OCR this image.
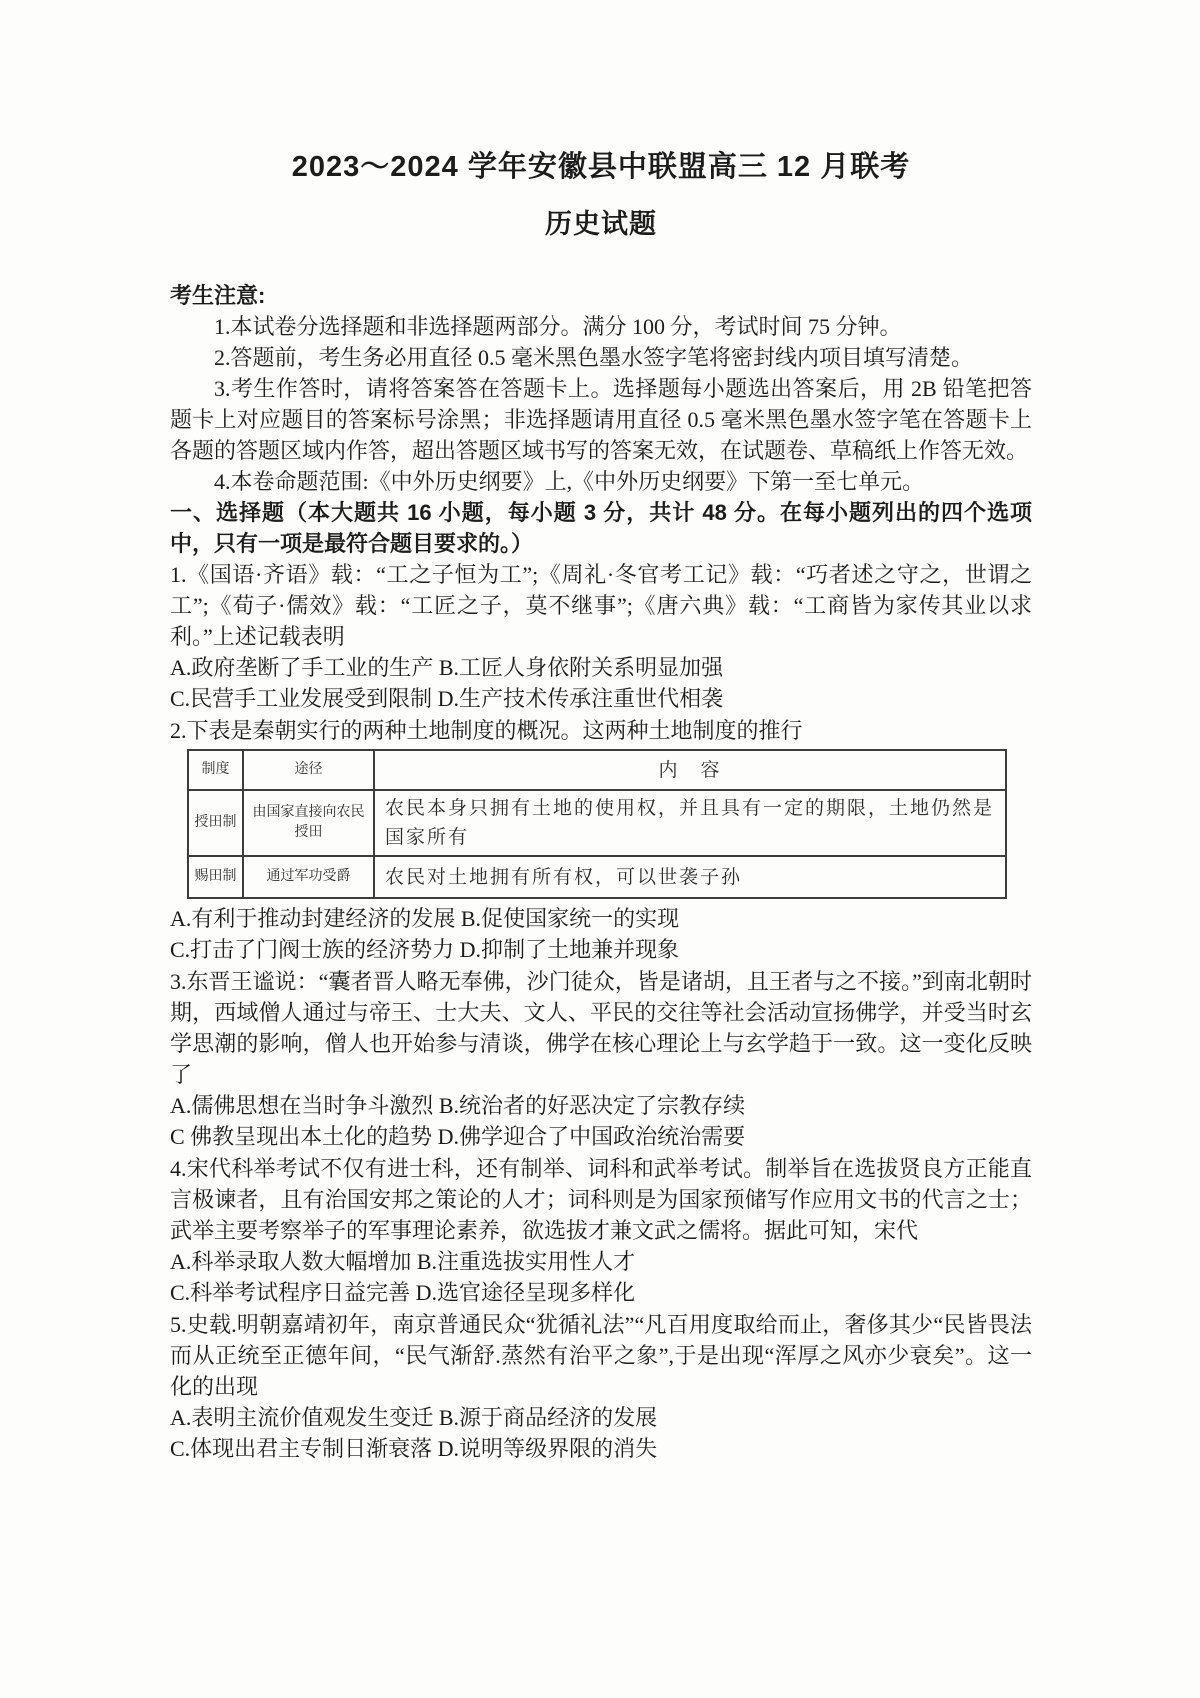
2023～2024 学年安徽县中联盟高三 12 月联考
历史试题
考生注意:

1.本试卷分选择题和非选择题两部分。满分 100 分，考试时间 75 分钟。

2.答题前，考生务必用直径 0.5 毫米黑色墨水签字笔将密封线内项目填写清楚。

3.考生作答时，请将答案答在答题卡上。选择题每小题选出答案后，用 2B 铅笔把答题卡上对应题目的答案标号涂黑；非选择题请用直径 0.5 毫米黑色墨水签字笔在答题卡上各题的答题区域内作答，超出答题区域书写的答案无效，在试题卷、草稿纸上作答无效。

4.本卷命题范围:《中外历史纲要》上,《中外历史纲要》下第一至七单元。

一、选择题（本大题共 16 小题，每小题 3 分，共计 48 分。在每小题列出的四个选项中，只有一项是最符合题目要求的。）
1.《国语·齐语》载：“工之子恒为工”;《周礼·冬官考工记》载：“巧者述之守之，世谓之工”;《荀子·儒效》载：“工匠之子，莫不继事”;《唐六典》载：“工商皆为家传其业以求利。”上述记载表明
A.政府垄断了手工业的生产 B.工匠人身依附关系明显加强
C.民营手工业发展受到限制 D.生产技术传承注重世代相袭
2.下表是秦朝实行的两种土地制度的概况。这两种土地制度的推行
制度	途径	内　容
授田制	由国家直接向农民授田	农民本身只拥有土地的使用权，并且具有一定的期限，土地仍然是国家所有
赐田制	通过军功受爵	农民对土地拥有所有权，可以世袭子孙
A.有利于推动封建经济的发展 B.促使国家统一的实现
C.打击了门阀士族的经济势力 D.抑制了土地兼并现象
3.东晋王谧说：“囊者晋人略无奉佛，沙门徒众，皆是诸胡，且王者与之不接。”到南北朝时期，西域僧人通过与帝王、士大夫、文人、平民的交往等社会活动宣扬佛学，并受当时玄学思潮的影响，僧人也开始参与清谈，佛学在核心理论上与玄学趋于一致。这一变化反映了
A.儒佛思想在当时争斗激烈 B.统治者的好恶决定了宗教存续
C 佛教呈现出本土化的趋势 D.佛学迎合了中国政治统治需要
4.宋代科举考试不仅有进士科，还有制举、词科和武举考试。制举旨在选拔贤良方正能直言极谏者，且有治国安邦之策论的人才；词科则是为国家预储写作应用文书的代言之士；武举主要考察举子的军事理论素养，欲选拔才兼文武之儒将。据此可知，宋代
A.科举录取人数大幅增加 B.注重选拔实用性人才
C.科举考试程序日益完善 D.选官途径呈现多样化
5.史载.明朝嘉靖初年，南京普通民众“犹循礼法”“凡百用度取给而止，奢侈其少“民皆畏法而从正统至正德年间，“民气渐舒.蒸然有治平之象”,于是出现“浑厚之风亦少衰矣”。这一化的出现
A.表明主流价值观发生变迁 B.源于商品经济的发展
C.体现出君主专制日渐衰落 D.说明等级界限的消失
